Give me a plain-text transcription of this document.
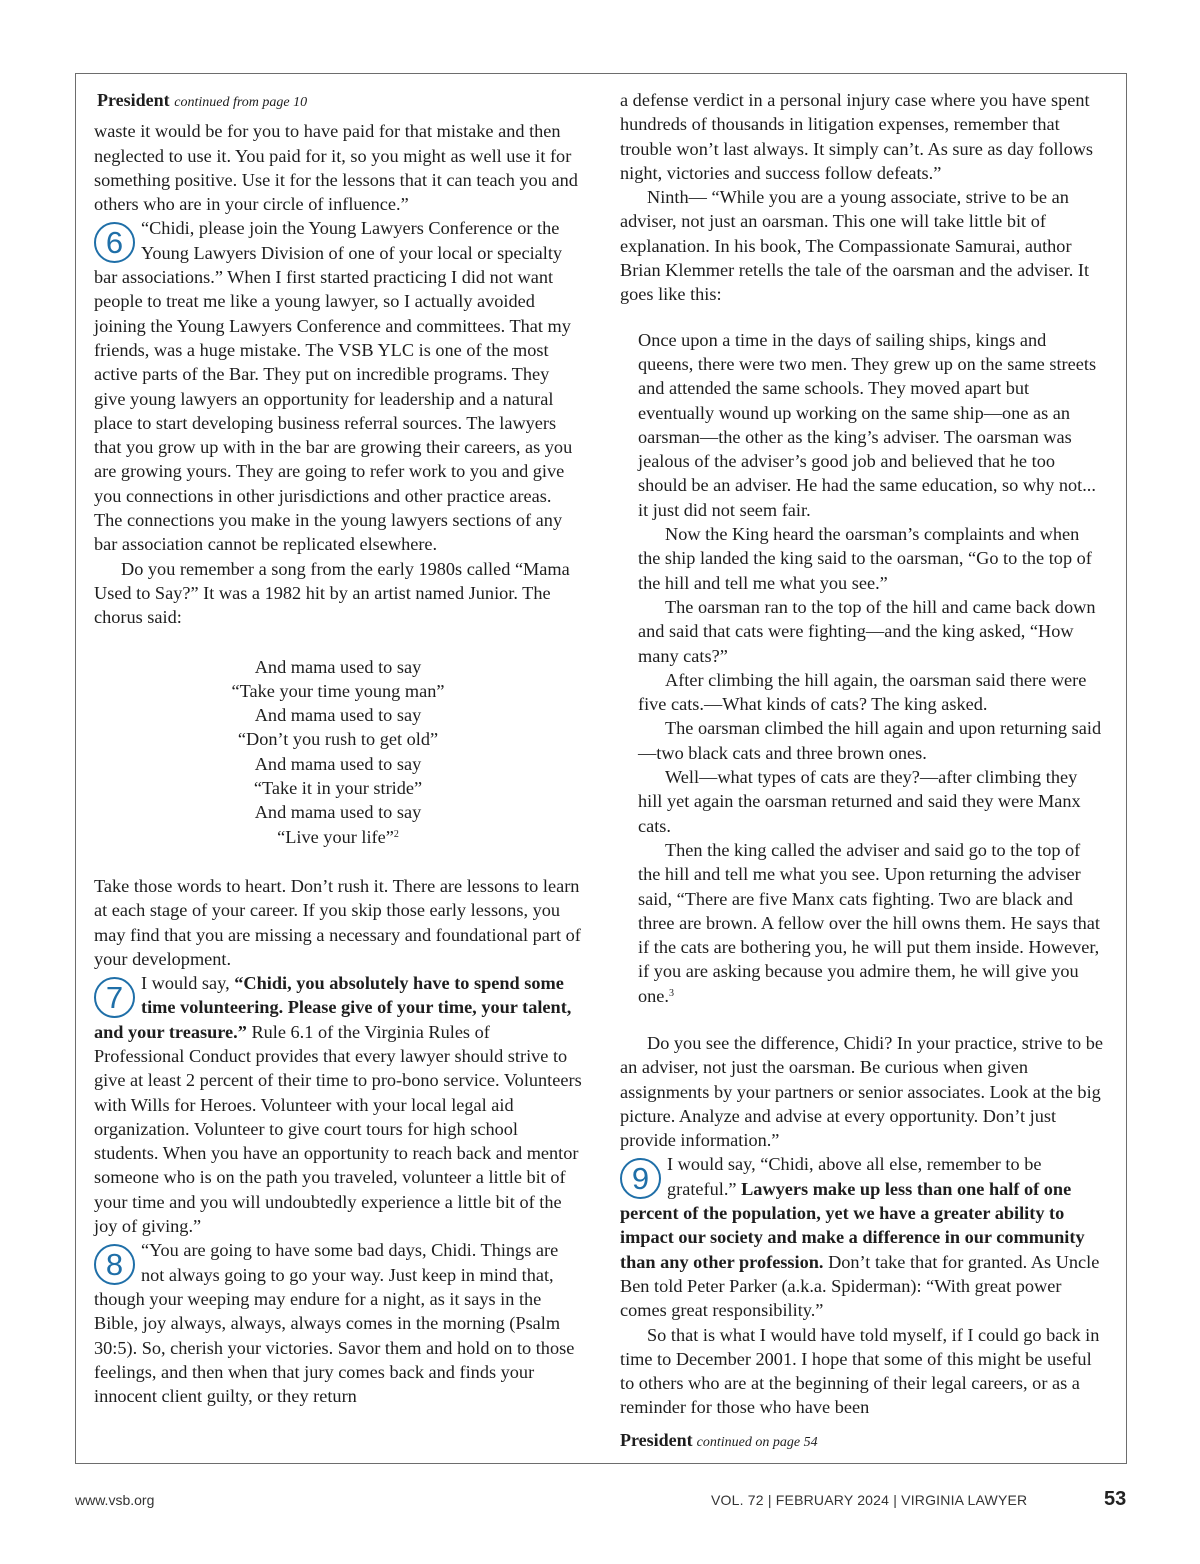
President continued from page 10

waste it would be for you to have paid for that mistake and then neglected to use it. You paid for it, so you might as well use it for something positive. Use it for the lessons that it can teach you and others who are in your circle of influence.”

6 “Chidi, please join the Young Lawyers Conference or the Young Lawyers Division of one of your local or specialty bar associations.” When I first started practicing I did not want people to treat me like a young lawyer, so I actually avoided joining the Young Lawyers Conference and committees. That my friends, was a huge mistake. The VSB YLC is one of the most active parts of the Bar. They put on incredible programs. They give young lawyers an opportunity for leadership and a natural place to start developing business referral sources. The lawyers that you grow up with in the bar are growing their careers, as you are growing yours. They are going to refer work to you and give you connections in other jurisdictions and other practice areas. The connections you make in the young lawyers sections of any bar association cannot be replicated elsewhere.

Do you remember a song from the early 1980s called “Mama Used to Say?” It was a 1982 hit by an artist named Junior. The chorus said:

And mama used to say
“Take your time young man”
And mama used to say
“Don’t you rush to get old”
And mama used to say
“Take it in your stride”
And mama used to say
“Live your life”$^2$

Take those words to heart. Don’t rush it. There are lessons to learn at each stage of your career. If you skip those early lessons, you may find that you are missing a necessary and foundational part of your development.

7 I would say, “Chidi, you absolutely have to spend some time volunteering. Please give of your time, your talent, and your treasure.” Rule 6.1 of the Virginia Rules of Professional Conduct provides that every lawyer should strive to give at least 2 percent of their time to pro-bono service. Volunteers with Wills for Heroes. Volunteer with your local legal aid organization. Volunteer to give court tours for high school students. When you have an opportunity to reach back and mentor someone who is on the path you traveled, volunteer a little bit of your time and you will undoubtedly experience a little bit of the joy of giving.”

8 “You are going to have some bad days, Chidi. Things are not always going to go your way. Just keep in mind that, though your weeping may endure for a night, as it says in the Bible, joy always, always, always comes in the morning (Psalm 30:5). So, cherish your victories. Savor them and hold on to those feelings, and then when that jury comes back and finds your innocent client guilty, or they return

a defense verdict in a personal injury case where you have spent hundreds of thousands in litigation expenses, remember that trouble won’t last always. It simply can’t. As sure as day follows night, victories and success follow defeats.”

Ninth— “While you are a young associate, strive to be an adviser, not just an oarsman. This one will take little bit of explanation. In his book, The Compassionate Samurai, author Brian Klemmer retells the tale of the oarsman and the adviser. It goes like this:

Once upon a time in the days of sailing ships, kings and queens, there were two men. They grew up on the same streets and attended the same schools. They moved apart but eventually wound up working on the same ship—one as an oarsman—the other as the king’s adviser. The oarsman was jealous of the adviser’s good job and believed that he too should be an adviser. He had the same education, so why not... it just did not seem fair.

Now the King heard the oarsman’s complaints and when the ship landed the king said to the oarsman, “Go to the top of the hill and tell me what you see.”

The oarsman ran to the top of the hill and came back down and said that cats were fighting—and the king asked, “How many cats?”

After climbing the hill again, the oarsman said there were five cats.—What kinds of cats? The king asked.

The oarsman climbed the hill again and upon returning said—two black cats and three brown ones.

Well—what types of cats are they?—after climbing they hill yet again the oarsman returned and said they were Manx cats.

Then the king called the adviser and said go to the top of the hill and tell me what you see. Upon returning the adviser said, “There are five Manx cats fighting. Two are black and three are brown. A fellow over the hill owns them. He says that if the cats are bothering you, he will put them inside. However, if you are asking because you admire them, he will give you one.$^3$

Do you see the difference, Chidi? In your practice, strive to be an adviser, not just the oarsman. Be curious when given assignments by your partners or senior associates. Look at the big picture. Analyze and advise at every opportunity. Don’t just provide information.”

9 I would say, “Chidi, above all else, remember to be grateful.” Lawyers make up less than one half of one percent of the population, yet we have a greater ability to impact our society and make a difference in our community than any other profession. Don’t take that for granted. As Uncle Ben told Peter Parker (a.k.a. Spiderman): “With great power comes great responsibility.”

So that is what I would have told myself, if I could go back in time to December 2001. I hope that some of this might be useful to others who are at the beginning of their legal careers, or as a reminder for those who have been

President continued on page 54
www.vsb.org	VOL. 72 | FEBRUARY 2024 | VIRGINIA LAWYER	53
